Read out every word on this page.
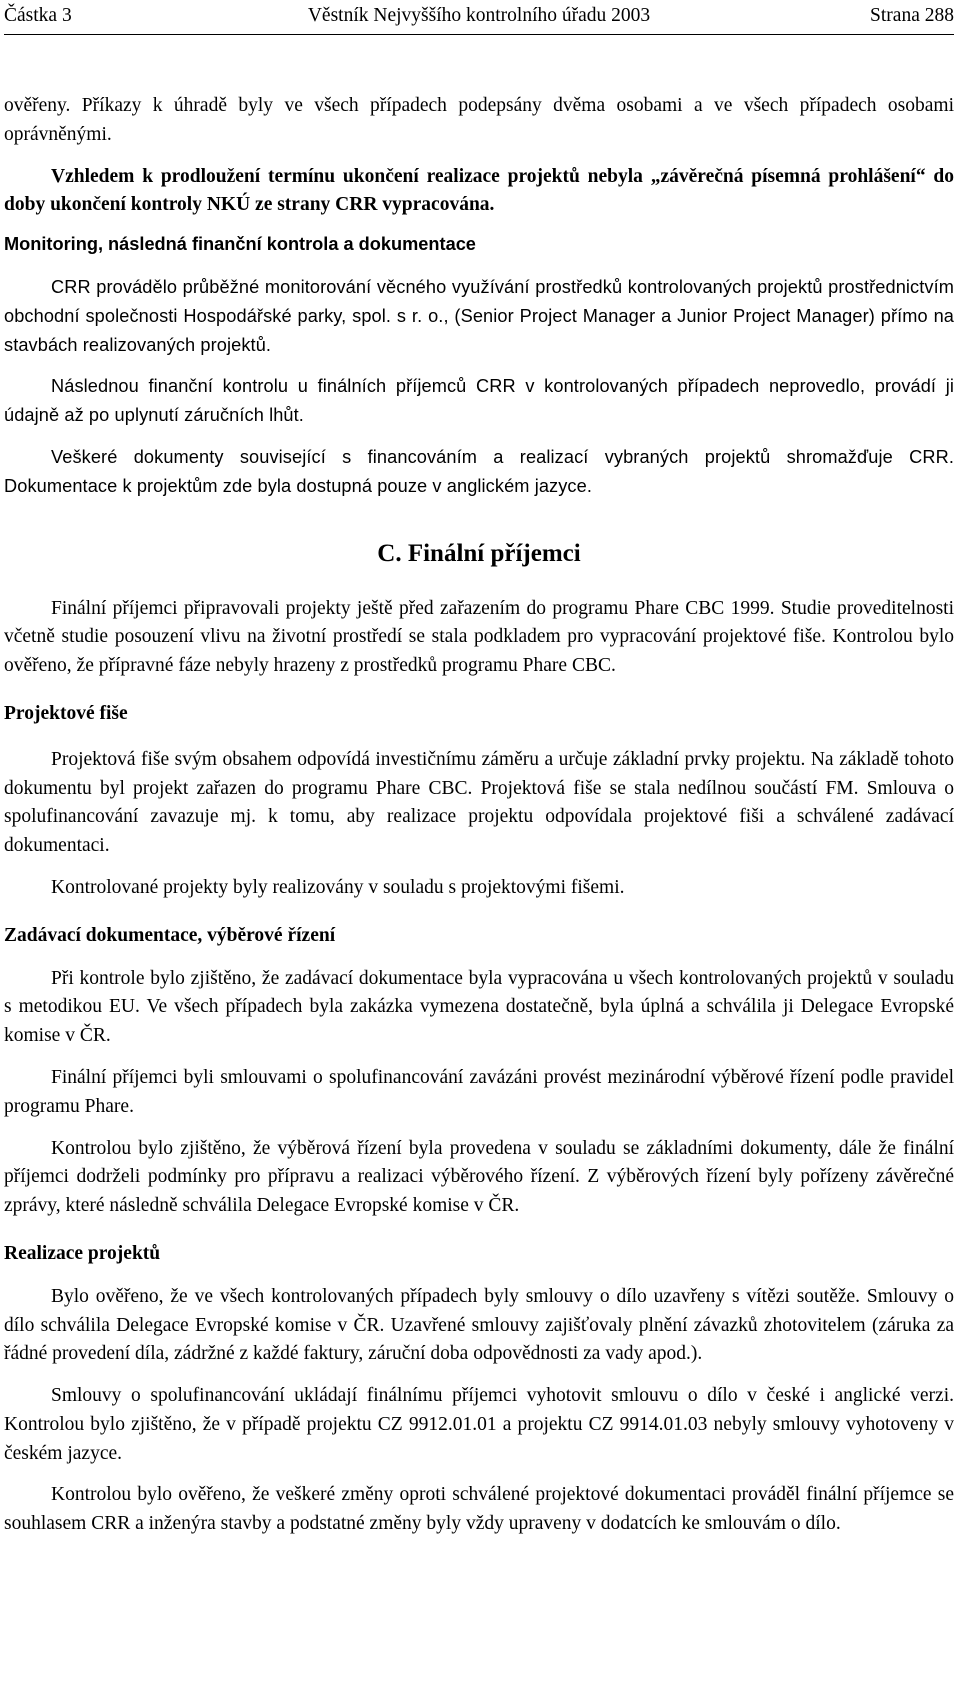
Částka 3	Věstník Nejvyššího kontrolního úřadu 2003	Strana 288

ověřeny. Příkazy k úhradě byly ve všech případech podepsány dvěma osobami a ve všech případech osobami oprávněnými.

Vzhledem k prodloužení termínu ukončení realizace projektů nebyla „závěrečná písemná prohlášení“ do doby ukončení kontroly NKÚ ze strany CRR vypracována.

Monitoring, následná finanční kontrola a dokumentace

CRR provádělo průběžné monitorování věcného využívání prostředků kontrolovaných projektů prostřednictvím obchodní společnosti Hospodářské parky, spol. s r. o., (Senior Project Manager a Junior Project Manager) přímo na stavbách realizovaných projektů.

Následnou finanční kontrolu u finálních příjemců CRR v kontrolovaných případech neprovedlo, provádí ji údajně až po uplynutí záručních lhůt.

Veškeré dokumenty související s financováním a realizací vybraných projektů shromažďuje CRR. Dokumentace k projektům zde byla dostupná pouze v anglickém jazyce.

C. Finální příjemci

Finální příjemci připravovali projekty ještě před zařazením do programu Phare CBC 1999. Studie proveditelnosti včetně studie posouzení vlivu na životní prostředí se stala podkladem pro vypracování projektové fiše. Kontrolou bylo ověřeno, že přípravné fáze nebyly hrazeny z prostředků programu Phare CBC.

Projektové fiše

Projektová fiše svým obsahem odpovídá investičnímu záměru a určuje základní prvky projektu. Na základě tohoto dokumentu byl projekt zařazen do programu Phare CBC. Projektová fiše se stala nedílnou součástí FM. Smlouva o spolufinancování zavazuje mj. k tomu, aby realizace projektu odpovídala projektové fiši a schválené zadávací dokumentaci.

Kontrolované projekty byly realizovány v souladu s projektovými fišemi.

Zadávací dokumentace, výběrové řízení

Při kontrole bylo zjištěno, že zadávací dokumentace byla vypracována u všech kontrolovaných projektů v souladu s metodikou EU. Ve všech případech byla zakázka vymezena dostatečně, byla úplná a schválila ji Delegace Evropské komise v ČR.

Finální příjemci byli smlouvami o spolufinancování zavázáni provést mezinárodní výběrové řízení podle pravidel programu Phare.

Kontrolou bylo zjištěno, že výběrová řízení byla provedena v souladu se základními dokumenty, dále že finální příjemci dodrželi podmínky pro přípravu a realizaci výběrového řízení. Z výběrových řízení byly pořízeny závěrečné zprávy, které následně schválila Delegace Evropské komise v ČR.

Realizace projektů

Bylo ověřeno, že ve všech kontrolovaných případech byly smlouvy o dílo uzavřeny s vítězi soutěže. Smlouvy o dílo schválila Delegace Evropské komise v ČR. Uzavřené smlouvy zajišťovaly plnění závazků zhotovitelem (záruka za řádné provedení díla, zádržné z každé faktury, záruční doba odpovědnosti za vady apod.).

Smlouvy o spolufinancování ukládají finálnímu příjemci vyhotovit smlouvu o dílo v české i anglické verzi. Kontrolou bylo zjištěno, že v případě projektu CZ 9912.01.01 a projektu CZ 9914.01.03 nebyly smlouvy vyhotoveny v českém jazyce.

Kontrolou bylo ověřeno, že veškeré změny oproti schválené projektové dokumentaci prováděl finální příjemce se souhlasem CRR a inženýra stavby a podstatné změny byly vždy upraveny v dodatcích ke smlouvám o dílo.
